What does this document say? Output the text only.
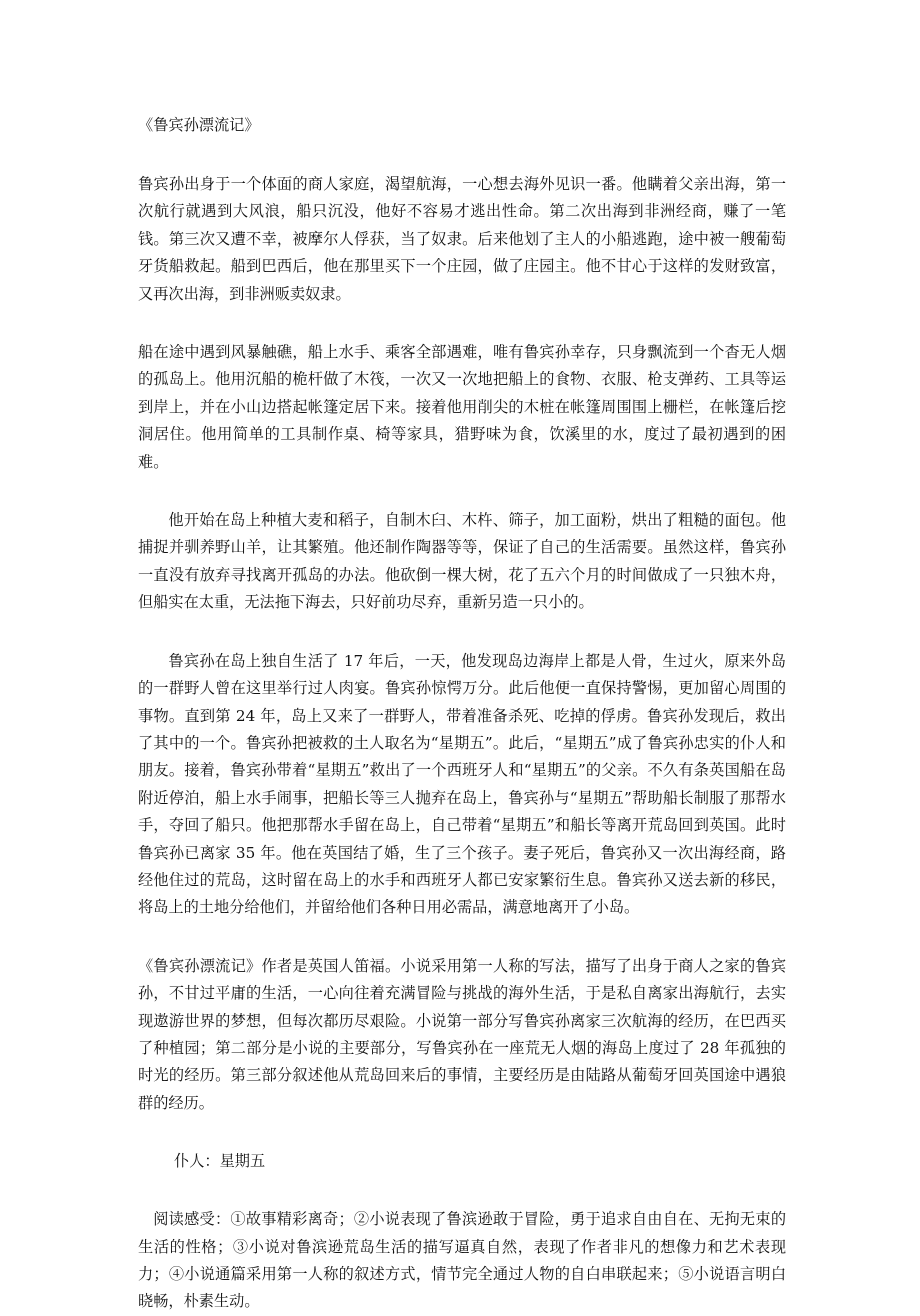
《鲁宾孙漂流记》

鲁宾孙出身于一个体面的商人家庭，渴望航海，一心想去海外见识一番。他瞒着父亲出海，第一次航行就遇到大风浪，船只沉没，他好不容易才逃出性命。第二次出海到非洲经商，赚了一笔钱。第三次又遭不幸，被摩尔人俘获，当了奴隶。后来他划了主人的小船逃跑，途中被一艘葡萄牙货船救起。船到巴西后，他在那里买下一个庄园，做了庄园主。他不甘心于这样的发财致富，又再次出海，到非洲贩卖奴隶。

船在途中遇到风暴触礁，船上水手、乘客全部遇难，唯有鲁宾孙幸存，只身飘流到一个杳无人烟的孤岛上。他用沉船的桅杆做了木筏，一次又一次地把船上的食物、衣服、枪支弹药、工具等运到岸上，并在小山边搭起帐篷定居下来。接着他用削尖的木桩在帐篷周围围上栅栏，在帐篷后挖洞居住。他用简单的工具制作桌、椅等家具，猎野味为食，饮溪里的水，度过了最初遇到的困难。

他开始在岛上种植大麦和稻子，自制木臼、木杵、筛子，加工面粉，烘出了粗糙的面包。他捕捉并驯养野山羊，让其繁殖。他还制作陶器等等，保证了自己的生活需要。虽然这样，鲁宾孙一直没有放弃寻找离开孤岛的办法。他砍倒一棵大树，花了五六个月的时间做成了一只独木舟，但船实在太重，无法拖下海去，只好前功尽弃，重新另造一只小的。

鲁宾孙在岛上独自生活了 17 年后，一天，他发现岛边海岸上都是人骨，生过火，原来外岛的一群野人曾在这里举行过人肉宴。鲁宾孙惊愕万分。此后他便一直保持警惕，更加留心周围的事物。直到第 24 年，岛上又来了一群野人，带着准备杀死、吃掉的俘虏。鲁宾孙发现后，救出了其中的一个。鲁宾孙把被救的土人取名为“星期五”。此后，“星期五”成了鲁宾孙忠实的仆人和朋友。接着，鲁宾孙带着“星期五”救出了一个西班牙人和“星期五”的父亲。不久有条英国船在岛附近停泊，船上水手闹事，把船长等三人抛弃在岛上，鲁宾孙与“星期五”帮助船长制服了那帮水手，夺回了船只。他把那帮水手留在岛上，自己带着“星期五”和船长等离开荒岛回到英国。此时鲁宾孙已离家 35 年。他在英国结了婚，生了三个孩子。妻子死后，鲁宾孙又一次出海经商，路经他住过的荒岛，这时留在岛上的水手和西班牙人都已安家繁衍生息。鲁宾孙又送去新的移民，将岛上的土地分给他们，并留给他们各种日用必需品，满意地离开了小岛。

《鲁宾孙漂流记》作者是英国人笛福。小说采用第一人称的写法，描写了出身于商人之家的鲁宾孙，不甘过平庸的生活，一心向往着充满冒险与挑战的海外生活，于是私自离家出海航行，去实现遨游世界的梦想，但每次都历尽艰险。小说第一部分写鲁宾孙离家三次航海的经历，在巴西买了种植园；第二部分是小说的主要部分，写鲁宾孙在一座荒无人烟的海岛上度过了 28 年孤独的时光的经历。第三部分叙述他从荒岛回来后的事情，主要经历是由陆路从葡萄牙回英国途中遇狼群的经历。

仆人：星期五

阅读感受：①故事精彩离奇；②小说表现了鲁滨逊敢于冒险，勇于追求自由自在、无拘无束的生活的性格；③小说对鲁滨逊荒岛生活的描写逼真自然，表现了作者非凡的想像力和艺术表现力；④小说通篇采用第一人称的叙述方式，情节完全通过人物的自白串联起来；⑤小说语言明白晓畅，朴素生动。
